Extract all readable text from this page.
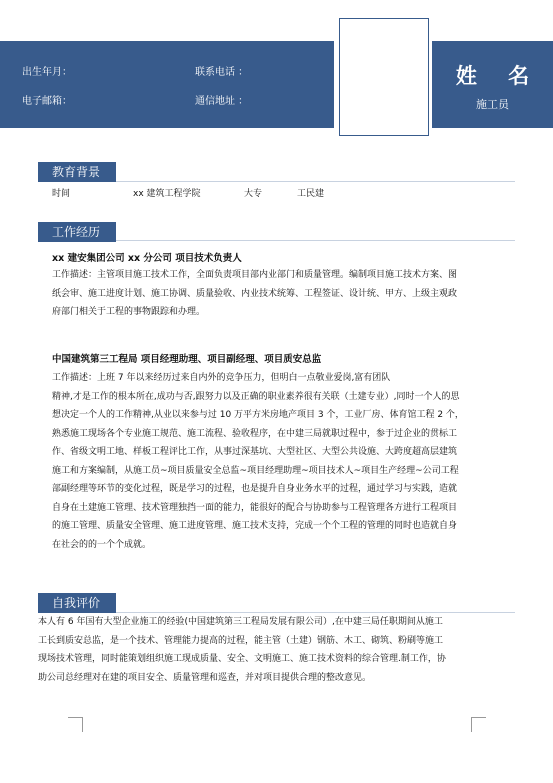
出生年月：	联系电话 ：
电子邮箱：	通信地址 ：
姓 名
施工员
教育背景
时间	xx 建筑工程学院	大专	工民建
工作经历
xx 建安集团公司 xx 分公司 项目技术负责人
工作描述：主管项目施工技术工作，全面负责项目部内业部门和质量管理。编制项目施工技术方案、图
纸会审、施工进度计划、施工协调、质量验收、内业技术统筹、工程签证、设计统、甲方、上级主观政
府部门相关于工程的事物跟踪和办理。
中国建筑第三工程局 项目经理助理、项目副经理、项目质安总监
工作描述：上班 7 年以来经历过来自内外的竞争压力，但明白一点敬业爱岗,富有团队
精神,才是工作的根本所在,成功与否,跟努力以及正确的职业素养很有关联（土建专业）,同时一个人的思
想决定一个人的工作精神,从业以来参与过 10 万平方米房地产项目 3 个，工业厂房、体育馆工程 2 个，
熟悉施工现场各个专业施工规范、施工流程、验收程序，在中建三局就职过程中，参于过企业的贯标工
作、省级文明工地、样板工程评比工作，从事过深基坑、大型社区、大型公共设施、大跨度超高层建筑
施工和方案编制，从施工员~项目质量安全总监~项目经理助理~项目技术人~项目生产经理~公司工程
部副经理等环节的变化过程，既是学习的过程，也是提升自身业务水平的过程，通过学习与实践，造就
自身在土建施工管理、技术管理独挡一面的能力，能很好的配合与协助参与工程管理各方进行工程项目
的施工管理、质量安全管理、施工进度管理、施工技术支持，完成一个个工程的管理的同时也造就自身
在社会的的一个个成就。
自我评价
本人有 6 年国有大型企业施工的经验(中国建筑第三工程局发展有限公司）,在中建三局任职期间从施工
工长到质安总监，是一个技术、管理能力提高的过程，能主管（土建）钢筋、木工、砌筑、粉刷等施工
现场技术管理，同时能策划组织施工现成质量、安全、文明施工、施工技术资料的综合管理.制工作，协
助公司总经理对在建的项目安全、质量管理和巡查，并对项目提供合理的整改意见。
